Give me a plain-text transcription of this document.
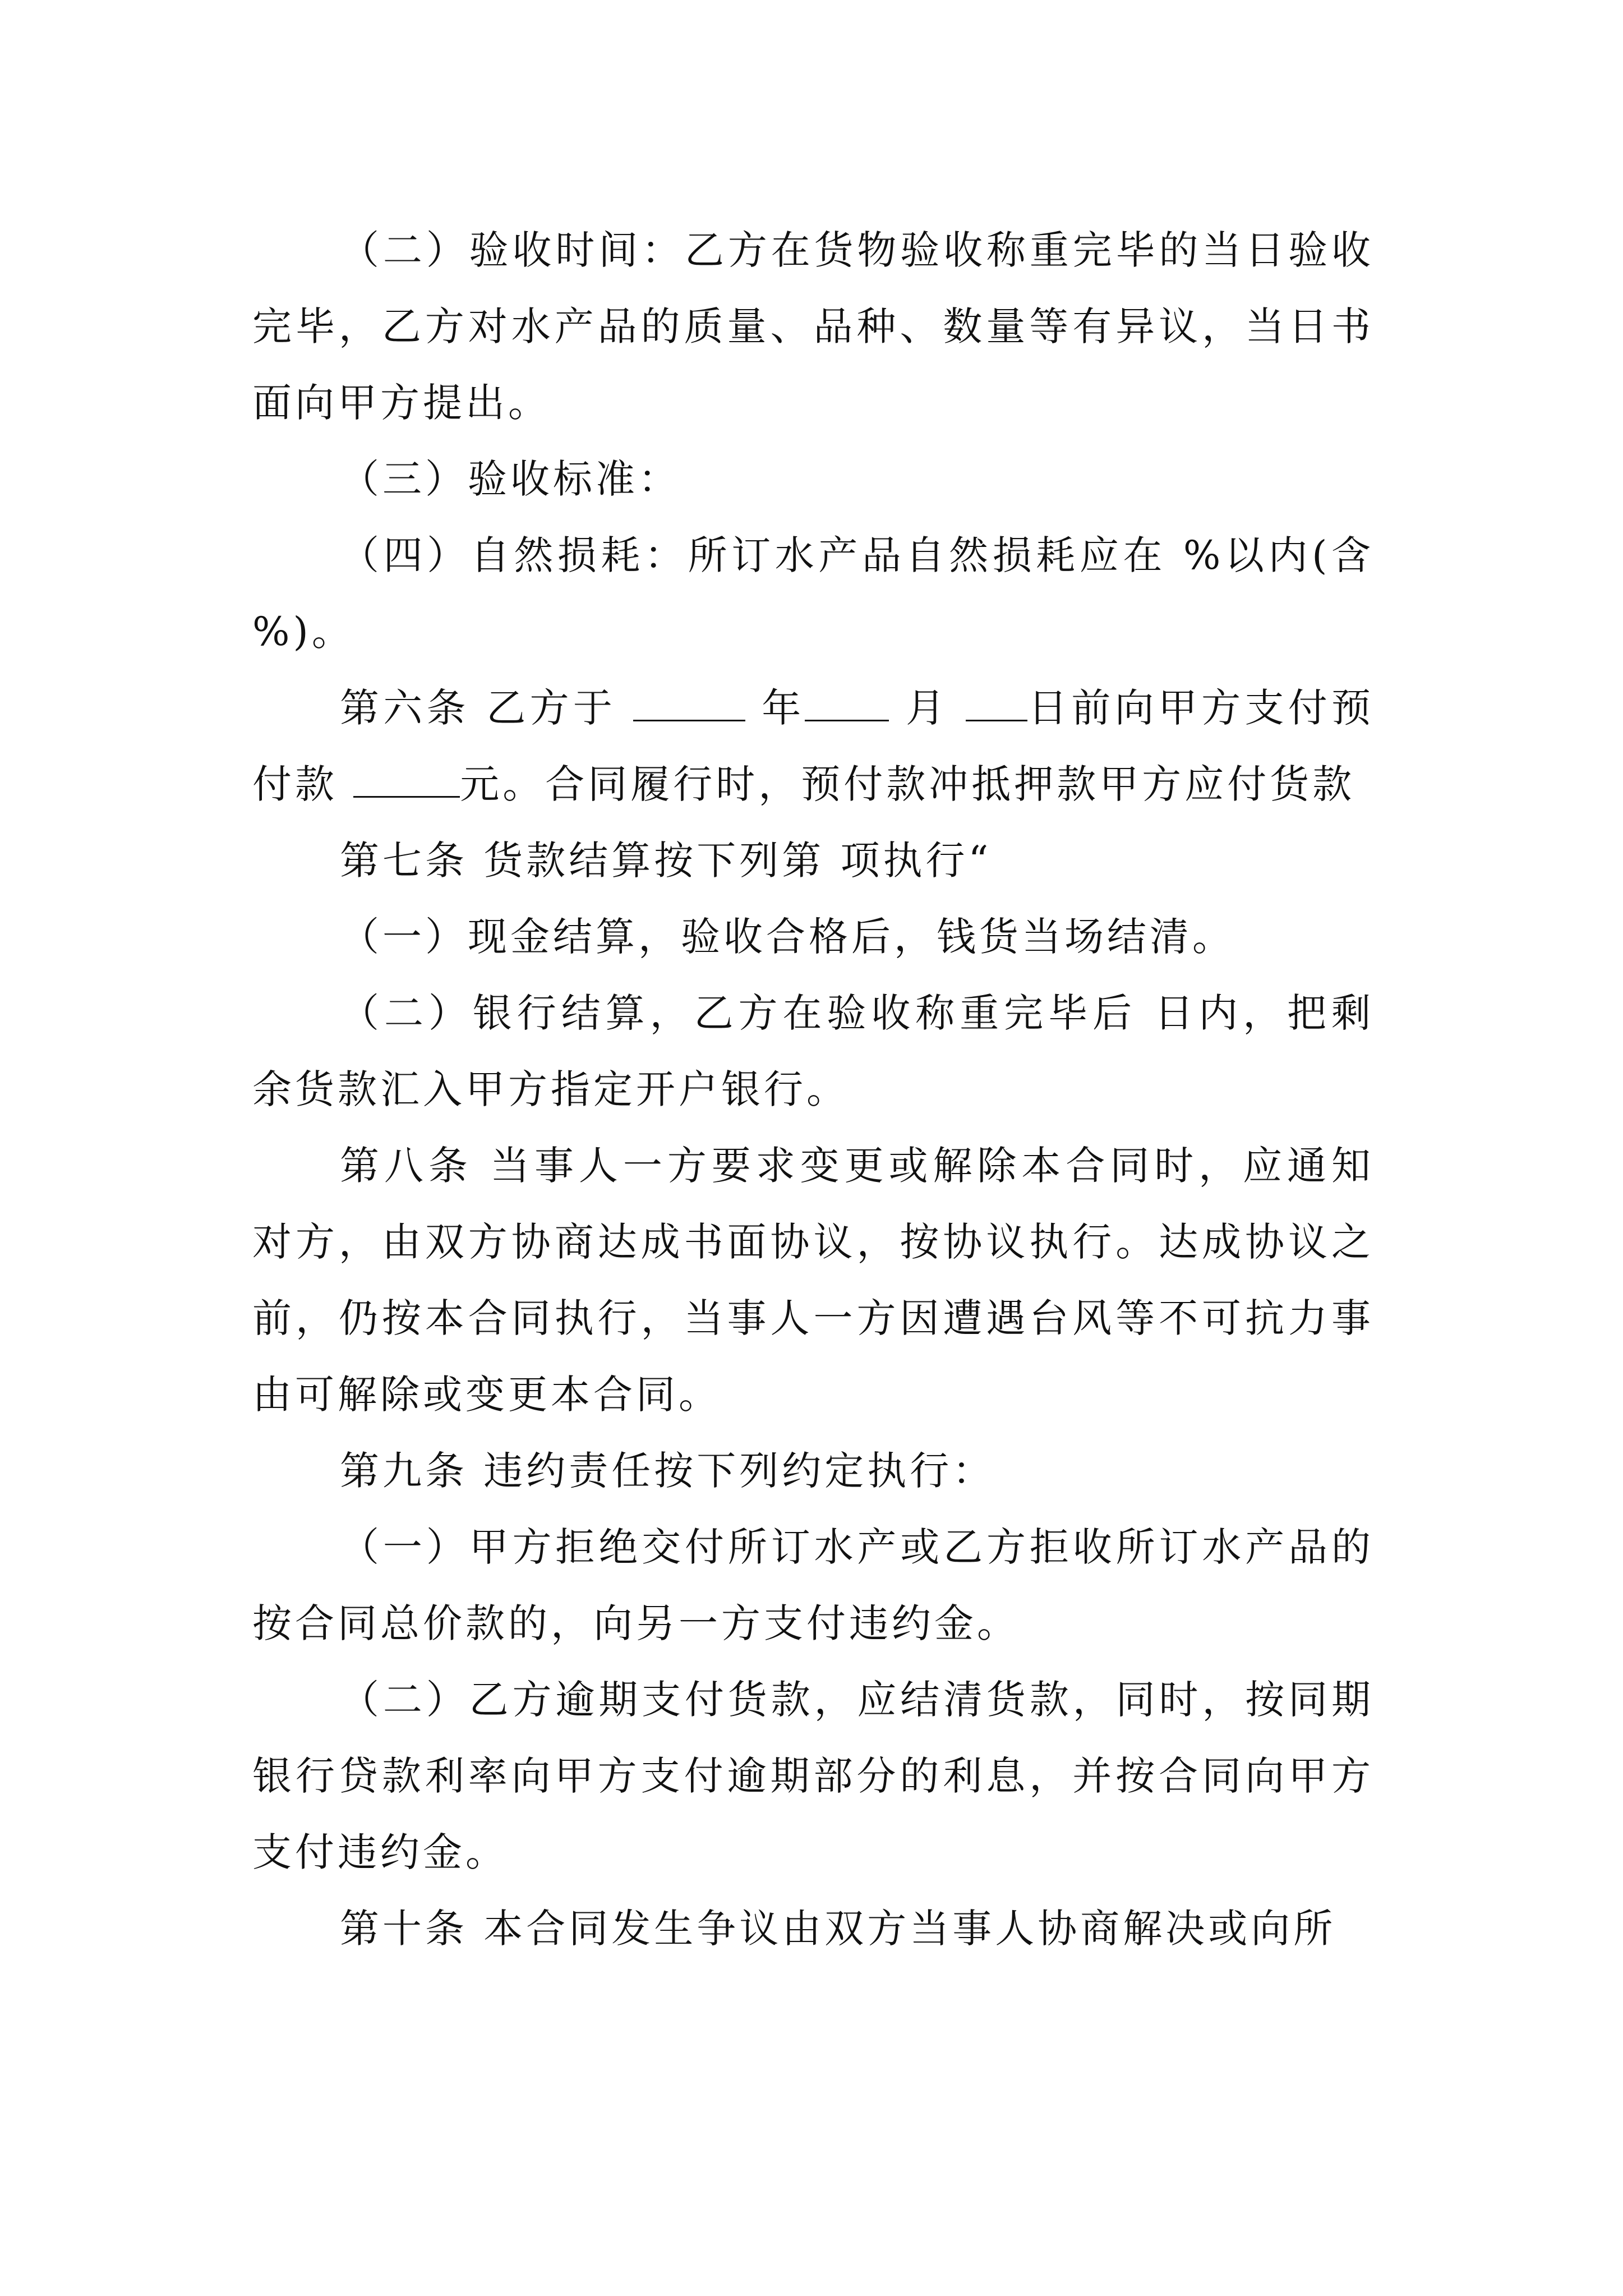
（二）验收时间：乙方在货物验收称重完毕的当日验收完毕，乙方对水产品的质量、品种、数量等有异议，当日书面向甲方提出。

（三）验收标准：

（四）自然损耗：所订水产品自然损耗应在 %以内(含 %)。

第六条 乙方于	年 月 日前向甲方支付预付款	元。合同履行时，预付款冲抵押款甲方应付货款

第七条 货款结算按下列第 项执行“

（一）现金结算，验收合格后，钱货当场结清。

（二）银行结算，乙方在验收称重完毕后 日内，把剩余货款汇入甲方指定开户银行。

第八条 当事人一方要求变更或解除本合同时，应通知对方，由双方协商达成书面协议，按协议执行。达成协议之前，仍按本合同执行，当事人一方因遭遇台风等不可抗力事由可解除或变更本合同。

第九条 违约责任按下列约定执行：

（一）甲方拒绝交付所订水产或乙方拒收所订水产品的按合同总价款的，向另一方支付违约金。

（二）乙方逾期支付货款，应结清货款，同时，按同期银行贷款利率向甲方支付逾期部分的利息，并按合同向甲方支付违约金。

第十条 本合同发生争议由双方当事人协商解决或向所
